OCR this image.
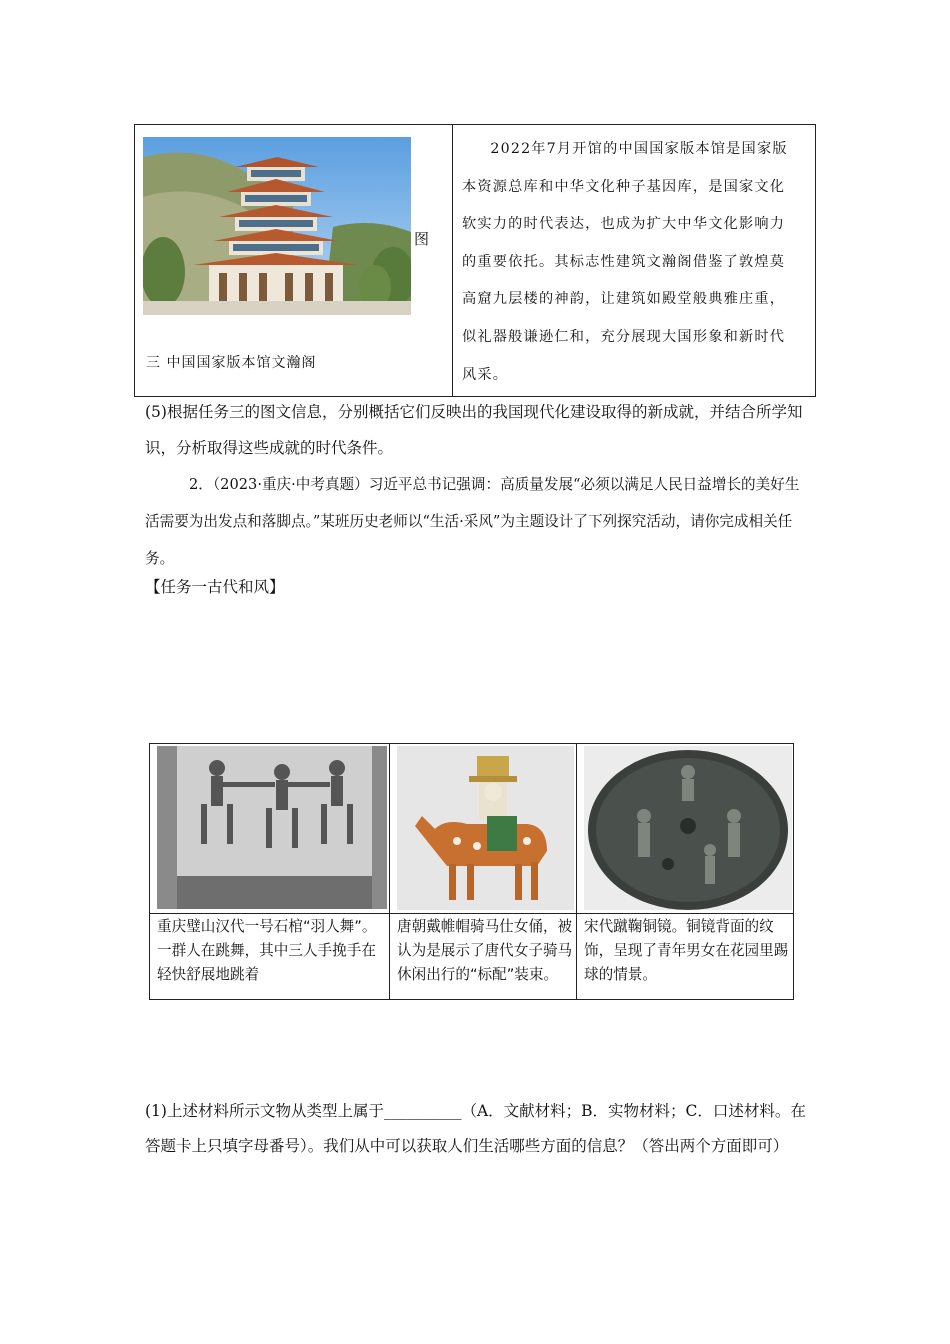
图
三 中国国家版本馆文瀚阁

2022年7月开馆的中国国家版本馆是国家版本资源总库和中华文化种子基因库，是国家文化软实力的时代表达，也成为扩大中华文化影响力的重要依托。其标志性建筑文瀚阁借鉴了敦煌莫高窟九层楼的神韵，让建筑如殿堂般典雅庄重，似礼器般谦逊仁和，充分展现大国形象和新时代风采。

(5)根据任务三的图文信息，分别概括它们反映出的我国现代化建设取得的新成就，并结合所学知识，分析取得这些成就的时代条件。

2．（2023·重庆·中考真题）习近平总书记强调：高质量发展“必须以满足人民日益增长的美好生活需要为出发点和落脚点。”某班历史老师以“生活·采风”为主题设计了下列探究活动，请你完成相关任务。

【任务一古代和风】

重庆璧山汉代一号石棺“羽人舞”。一群人在跳舞，其中三人手挽手在轻快舒展地跳着

唐朝戴帷帽骑马仕女俑，被认为是展示了唐代女子骑马休闲出行的“标配”装束。

宋代蹴鞠铜镜。铜镜背面的纹饰，呈现了青年男女在花园里踢球的情景。

(1)上述材料所示文物从类型上属于__________（A．文献材料；B．实物材料；C．口述材料。在答题卡上只填字母番号）。我们从中可以获取人们生活哪些方面的信息？（答出两个方面即可）
